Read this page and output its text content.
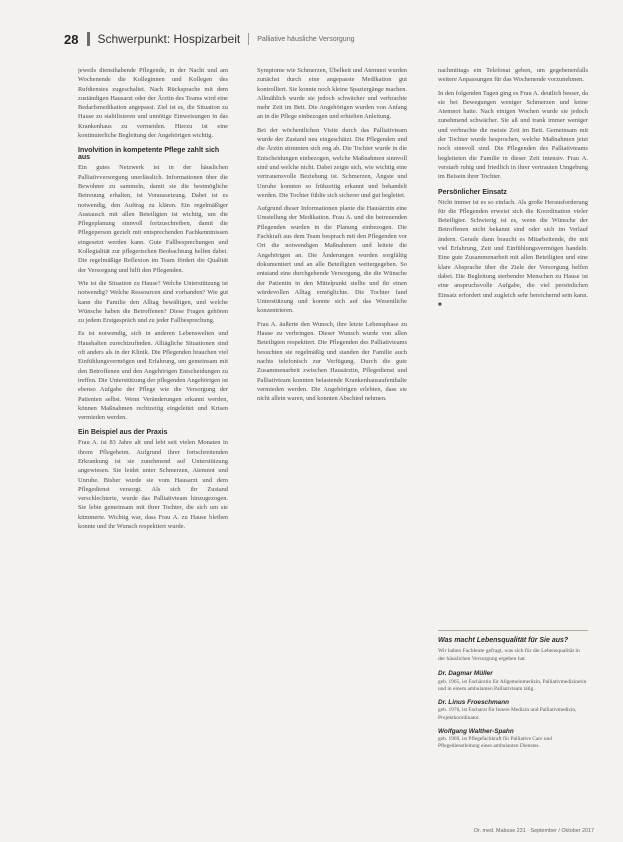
28 Schwerpunkt: Hospizarbeit Palliative häusliche Versorgung

jeweils diensthabende Pflegende, in der Nacht und am Wochenende die Kolleginnen und Kollegen des Rufdienstes zugeschaltet. Nach Rücksprache mit dem zuständigen Hausarzt oder der Ärztin des Teams wird eine Bedarfsmedikation angepasst. Ziel ist es, die Situation zu Hause zu stabilisieren und unnötige Einweisungen in das Krankenhaus zu vermeiden. Hierzu ist eine kontinuierliche Begleitung der Angehörigen wichtig.

Involvition in kompetente Pflege zahlt sich aus

Ein gutes Netzwerk ist in der häuslichen Palliativversorgung unerlässlich. Informationen über die Bewohner zu sammeln, damit sie die bestmögliche Betreuung erhalten, ist Voraussetzung. Dabei ist es notwendig, den Auftrag zu klären. Ein regelmäßiger Austausch mit allen Beteiligten ist wichtig, um die Pflegeplanung sinnvoll fortzuschreiben, damit die Pflegeperson gezielt mit entsprechenden Fachkenntnissen eingesetzt werden kann. Gute Fallbesprechungen und Kollegialität zur pflegerischen Beobachtung helfen dabei. Die regelmäßige Reflexion im Team fördert die Qualität der Versorgung und hilft den Pflegenden.

Wie ist die Situation zu Hause? Welche Unterstützung ist notwendig? Welche Ressourcen sind vorhanden? Wie gut kann die Familie den Alltag bewältigen, und welche Wünsche haben die Betroffenen? Diese Fragen gehören zu jedem Erstgespräch und zu jeder Fallbesprechung.

Es ist notwendig, sich in anderen Lebenswelten und Haushalten zurechtzufinden. Alltägliche Situationen sind oft anders als in der Klinik. Die Pflegenden brauchen viel Einfühlungsvermögen und Erfahrung, um gemeinsam mit den Betroffenen und den Angehörigen Entscheidungen zu treffen. Die Unterstützung der pflegenden Angehörigen ist ebenso Aufgabe der Pflege wie die Versorgung der Patienten selbst. Wenn Veränderungen erkannt werden, können Maßnahmen rechtzeitig eingeleitet und Krisen vermieden werden.

Ein Beispiel aus der Praxis

Frau A. ist 83 Jahre alt und lebt seit vielen Monaten in ihrem Pflegeheim. Aufgrund ihrer fortschreitenden Erkrankung ist sie zunehmend auf Unterstützung angewiesen. Sie leidet unter Schmerzen, Atemnot und Unruhe. Bisher wurde sie vom Hausarzt und dem Pflegedienst versorgt. Als sich ihr Zustand verschlechterte, wurde das Palliativteam hinzugezogen. Sie lebte gemeinsam mit ihrer Tochter, die sich um sie kümmerte. Wichtig war, dass Frau A. zu Hause bleiben konnte und ihr Wunsch respektiert wurde.

Symptome wie Schmerzen, Übelkeit und Atemnot wurden zunächst durch eine angepasste Medikation gut kontrolliert. Sie konnte noch kleine Spaziergänge machen. Allmählich wurde sie jedoch schwächer und verbrachte mehr Zeit im Bett. Die Angehörigen wurden von Anfang an in die Pflege einbezogen und erhielten Anleitung.

Bei der wöchentlichen Visite durch das Palliativteam wurde der Zustand neu eingeschätzt. Die Pflegenden und die Ärztin stimmten sich eng ab. Die Tochter wurde in die Entscheidungen einbezogen, welche Maßnahmen sinnvoll sind und welche nicht. Dabei zeigte sich, wie wichtig eine vertrauensvolle Beziehung ist. Schmerzen, Ängste und Unruhe konnten so frühzeitig erkannt und behandelt werden. Die Tochter fühlte sich sicherer und gut begleitet.

Aufgrund dieser Informationen plante die Hausärztin eine Umstellung der Medikation. Frau A. und die betreuenden Pflegenden wurden in die Planung einbezogen. Die Fachkraft aus dem Team besprach mit den Pflegenden vor Ort die notwendigen Maßnahmen und leitete die Angehörigen an. Die Änderungen wurden sorgfältig dokumentiert und an alle Beteiligten weitergegeben. So entstand eine durchgehende Versorgung, die die Wünsche der Patientin in den Mittelpunkt stellte und ihr einen würdevollen Alltag ermöglichte. Die Tochter fand Unterstützung und konnte sich auf das Wesentliche konzentrieren.

Frau A. äußerte den Wunsch, ihre letzte Lebensphase zu Hause zu verbringen. Dieser Wunsch wurde von allen Beteiligten respektiert. Die Pflegenden des Palliativteams besuchten sie regelmäßig und standen der Familie auch nachts telefonisch zur Verfügung. Durch die gute Zusammenarbeit zwischen Hausärztin, Pflegedienst und Palliativteam konnten belastende Krankenhausaufenthalte vermieden werden. Die Angehörigen erlebten, dass sie nicht allein waren, und konnten Abschied nehmen.

nachmittags ein Telefonat geben, um gegebenenfalls weitere Anpassungen für das Wochenende vorzunehmen.

In den folgenden Tagen ging es Frau A. deutlich besser, da sie bei Bewegungen weniger Schmerzen und keine Atemnot hatte. Nach einigen Wochen wurde sie jedoch zunehmend schwächer. Sie aß und trank immer weniger und verbrachte die meiste Zeit im Bett. Gemeinsam mit der Tochter wurde besprochen, welche Maßnahmen jetzt noch sinnvoll sind. Die Pflegenden des Palliativteams begleiteten die Familie in dieser Zeit intensiv. Frau A. verstarb ruhig und friedlich in ihrer vertrauten Umgebung im Beisein ihrer Tochter.

Persönlicher Einsatz

Nicht immer ist es so einfach. Als große Herausforderung für die Pflegenden erweist sich die Koordination vieler Beteiligter. Schwierig ist es, wenn die Wünsche der Betroffenen nicht bekannt sind oder sich im Verlauf ändern. Gerade dann braucht es Mitarbeitende, die mit viel Erfahrung, Zeit und Einfühlungsvermögen handeln. Eine gute Zusammenarbeit mit allen Beteiligten und eine klare Absprache über die Ziele der Versorgung helfen dabei. Die Begleitung sterbender Menschen zu Hause ist eine anspruchsvolle Aufgabe, die viel persönlichen Einsatz erfordert und zugleich sehr bereichernd sein kann. ■

Was macht Lebensqualität für Sie aus?
Wir haben Fachleute gefragt, was sich für die Lebensqualität in der häuslichen Versorgung ergeben hat.
Dr. Dagmar Müller
geb. 1965, ist Fachärztin für Allgemeinmedizin, Palliativmedizinerin und in einem ambulanten Palliativteam tätig.
Dr. Linus Froeschmann
geb. 1976, ist Facharzt für Innere Medizin und Palliativmedizin, Projektkoordinator.
Wolfgang Walther-Spahn
geb. 1969, ist Pflegefachkraft für Palliative Care und Pflegedienstleitung eines ambulanten Dienstes.
Dr. med. Mabuse 231 · September / Oktober 2017
